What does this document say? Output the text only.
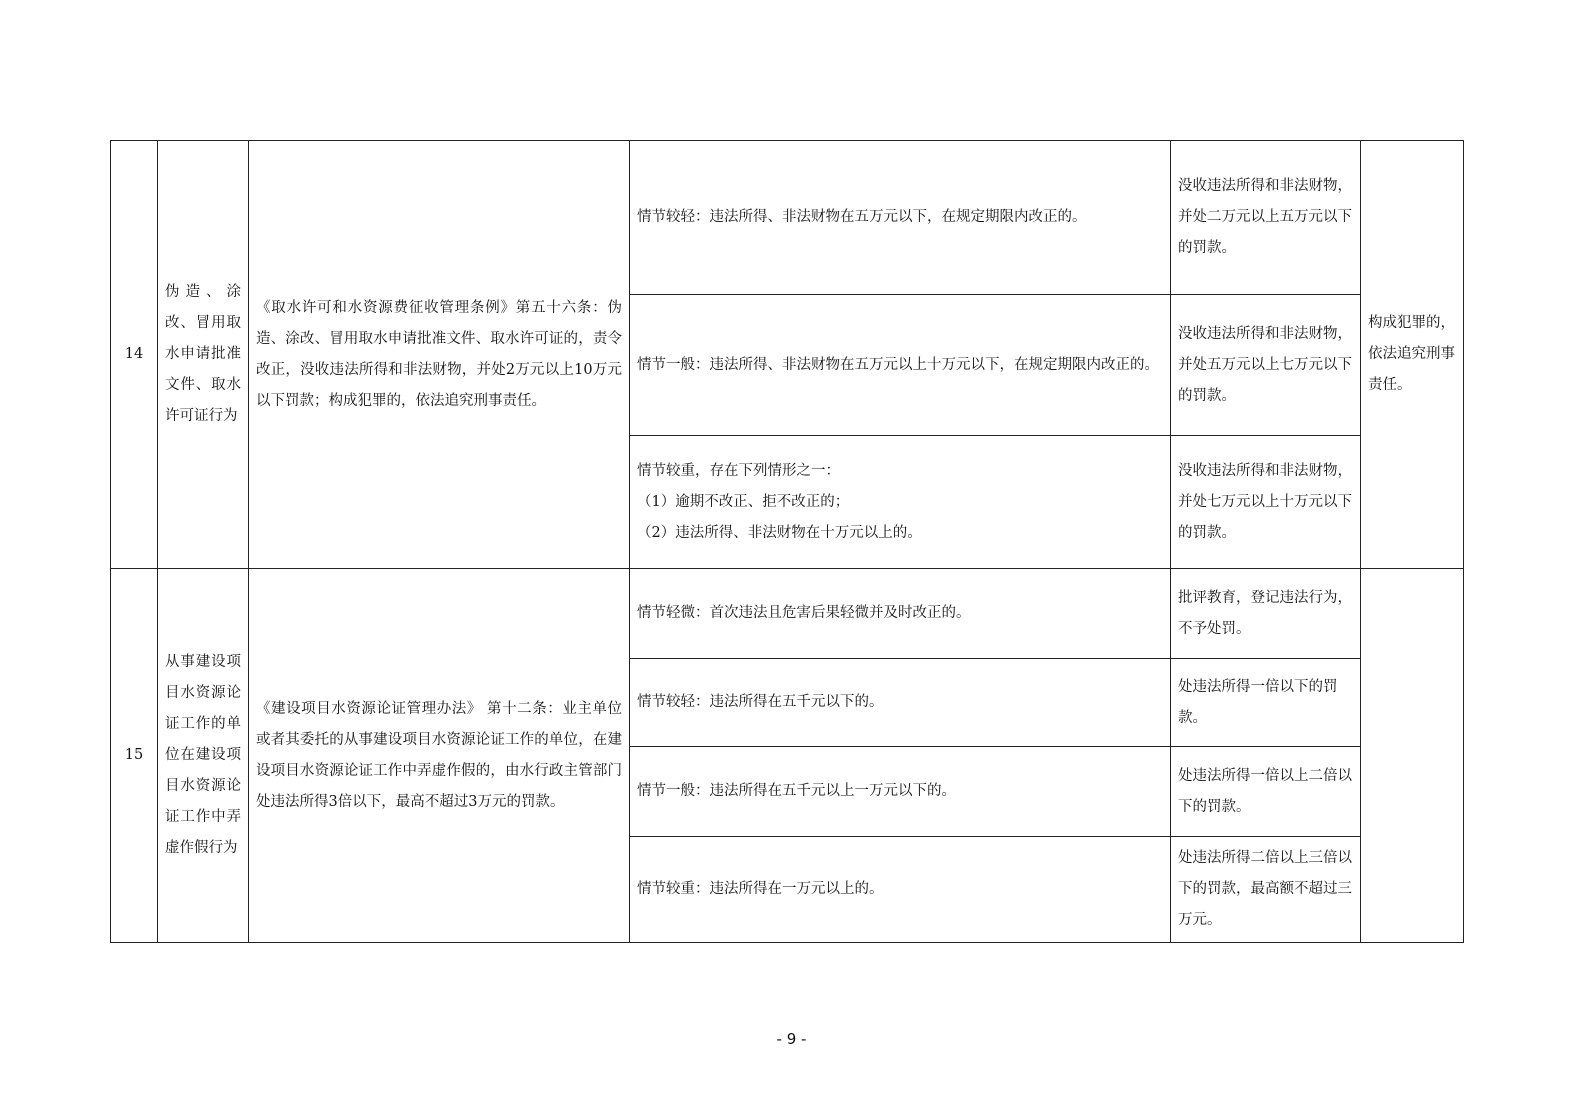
14	伪造、涂改、冒用取水申请批准文件、取水许可证行为	《取水许可和水资源费征收管理条例》第五十六条：伪造、涂改、冒用取水申请批准文件、取水许可证的，责令改正，没收违法所得和非法财物，并处2万元以上10万元以下罚款；构成犯罪的，依法追究刑事责任。	情节较轻：违法所得、非法财物在五万元以下，在规定期限内改正的。	没收违法所得和非法财物，并处二万元以上五万元以下的罚款。	构成犯罪的，依法追究刑事责任。
			情节一般：违法所得、非法财物在五万元以上十万元以下，在规定期限内改正的。	没收违法所得和非法财物，并处五万元以上七万元以下的罚款。	

			情节较重，存在下列情形之一：
（1）逾期不改正、拒不改正的；
（2）违法所得、非法财物在十万元以上的。	没收违法所得和非法财物，并处七万元以上十万元以下的罚款。	
15	从事建设项目水资源论证工作的单位在建设项目水资源论证工作中弄虚作假行为	《建设项目水资源论证管理办法》 第十二条：业主单位或者其委托的从事建设项目水资源论证工作的单位，在建设项目水资源论证工作中弄虚作假的，由水行政主管部门处违法所得3倍以下，最高不超过3万元的罚款。	情节轻微：首次违法且危害后果轻微并及时改正的。	批评教育，登记违法行为，不予处罚。	
			情节较轻：违法所得在五千元以下的。	处违法所得一倍以下的罚款。	
			情节一般：违法所得在五千元以上一万元以下的。	处违法所得一倍以上二倍以下的罚款。	
			情节较重：违法所得在一万元以上的。	处违法所得二倍以上三倍以下的罚款，最高额不超过三万元。	
- 9 -
